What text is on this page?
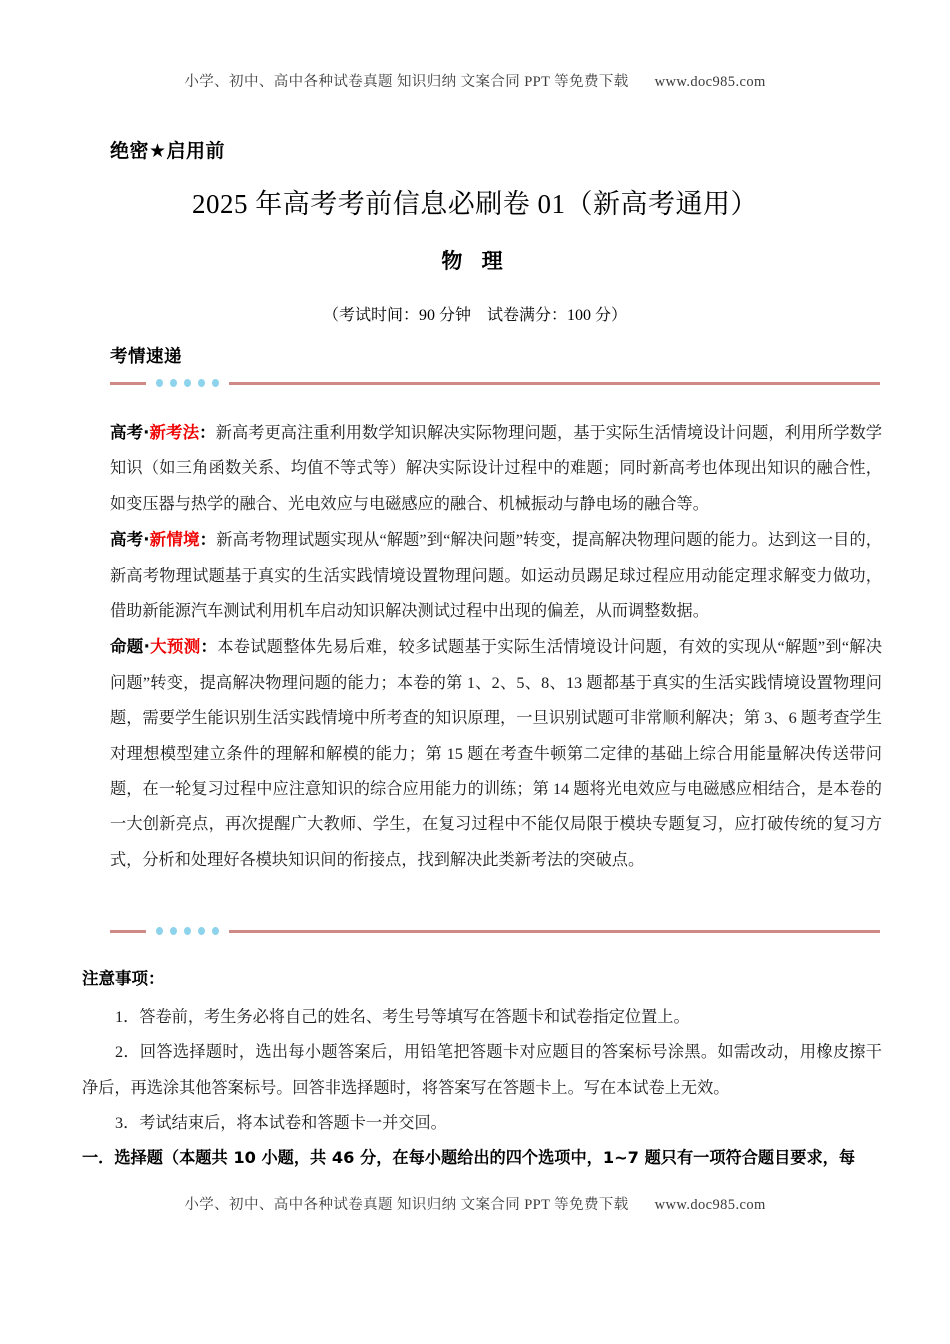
小学、初中、高中各种试卷真题 知识归纳 文案合同 PPT 等免费下载 www.doc985.com
绝密★启用前
2025 年高考考前信息必刷卷 01（新高考通用）
物 理
（考试时间：90 分钟 试卷满分：100 分）
考情速递

高考·新考法：新高考更高注重利用数学知识解决实际物理问题，基于实际生活情境设计问题，利用所学数学知识（如三角函数关系、均值不等式等）解决实际设计过程中的难题；同时新高考也体现出知识的融合性，如变压器与热学的融合、光电效应与电磁感应的融合、机械振动与静电场的融合等。

高考·新情境：新高考物理试题实现从“解题”到“解决问题”转变，提高解决物理问题的能力。达到这一目的，新高考物理试题基于真实的生活实践情境设置物理问题。如运动员踢足球过程应用动能定理求解变力做功，借助新能源汽车测试利用机车启动知识解决测试过程中出现的偏差，从而调整数据。

命题·大预测：本卷试题整体先易后难，较多试题基于实际生活情境设计问题，有效的实现从“解题”到“解决问题”转变，提高解决物理问题的能力；本卷的第 1、2、5、8、13 题都基于真实的生活实践情境设置物理问题，需要学生能识别生活实践情境中所考查的知识原理，一旦识别试题可非常顺利解决；第 3、6 题考查学生对理想模型建立条件的理解和解模的能力；第 15 题在考查牛顿第二定律的基础上综合用能量解决传送带问题，在一轮复习过程中应注意知识的综合应用能力的训练；第 14 题将光电效应与电磁感应相结合，是本卷的一大创新亮点，再次提醒广大教师、学生，在复习过程中不能仅局限于模块专题复习，应打破传统的复习方式，分析和处理好各模块知识间的衔接点，找到解决此类新考法的突破点。

注意事项：
1．答卷前，考生务必将自己的姓名、考生号等填写在答题卡和试卷指定位置上。
2．回答选择题时，选出每小题答案后，用铅笔把答题卡对应题目的答案标号涂黑。如需改动，用橡皮擦干净后，再选涂其他答案标号。回答非选择题时，将答案写在答题卡上。写在本试卷上无效。
3．考试结束后，将本试卷和答题卡一并交回。
一．选择题（本题共 10 小题，共 46 分，在每小题给出的四个选项中，1~7 题只有一项符合题目要求，每
小学、初中、高中各种试卷真题 知识归纳 文案合同 PPT 等免费下载 www.doc985.com
